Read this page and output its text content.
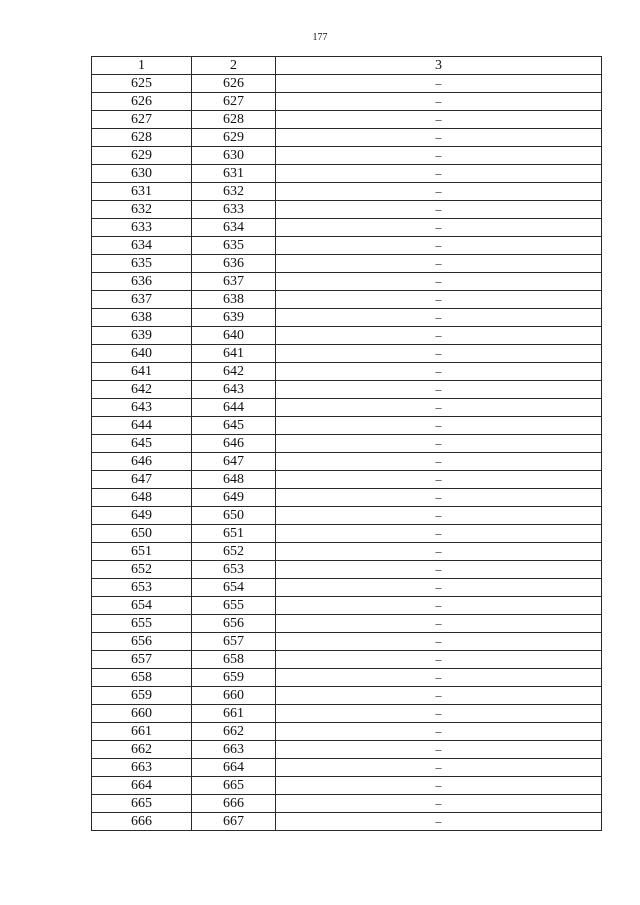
177
1	2	3
625	626	–
626	627	–
627	628	–
628	629	–
629	630	–
630	631	–
631	632	–
632	633	–
633	634	–
634	635	–
635	636	–
636	637	–
637	638	–
638	639	–
639	640	–
640	641	–
641	642	–
642	643	–
643	644	–
644	645	–
645	646	–
646	647	–
647	648	–
648	649	–
649	650	–
650	651	–
651	652	–
652	653	–
653	654	–
654	655	–
655	656	–
656	657	–
657	658	–
658	659	–
659	660	–
660	661	–
661	662	–
662	663	–
663	664	–
664	665	–
665	666	–
666	667	–
